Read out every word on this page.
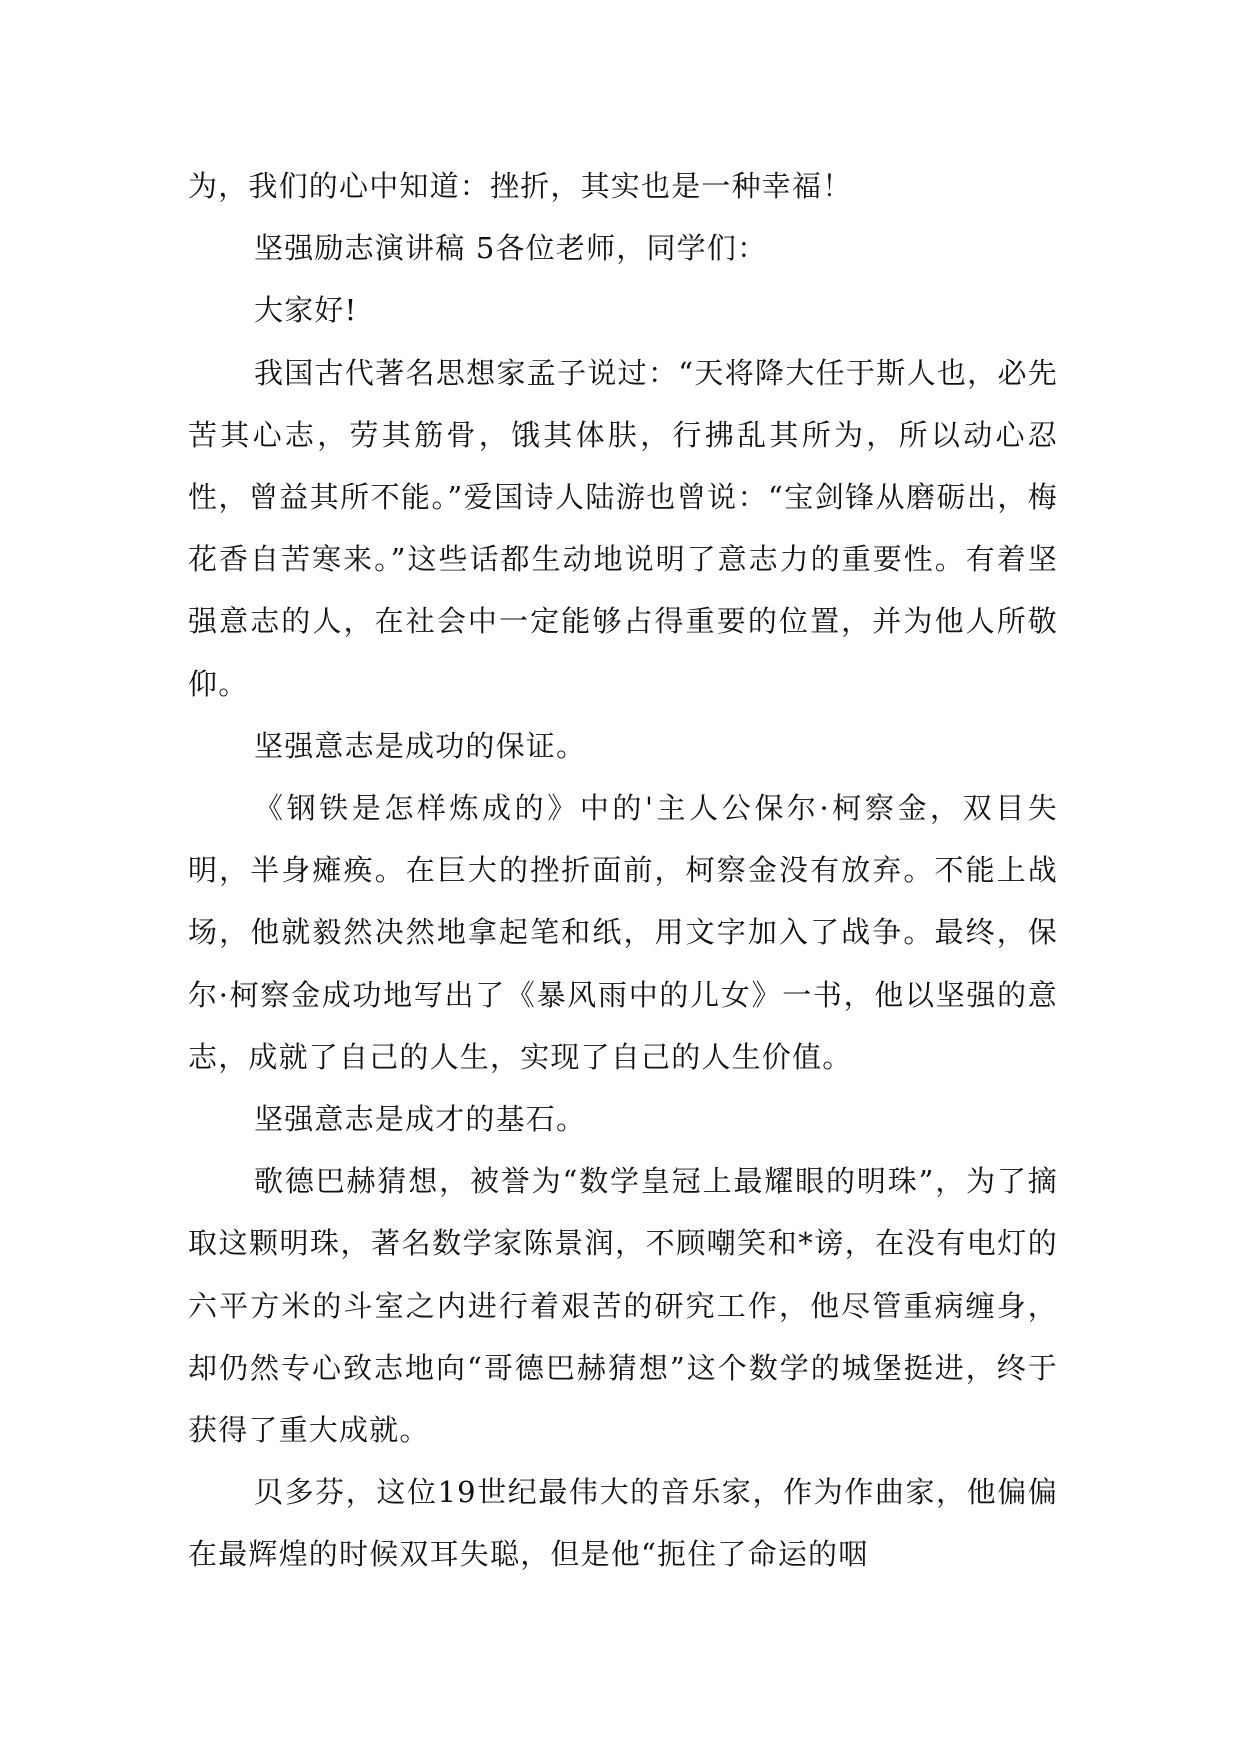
为，我们的心中知道：挫折，其实也是一种幸福！

坚强励志演讲稿 5各位老师，同学们：

大家好!

我国古代著名思想家孟子说过：“天将降大任于斯人也，必先苦其心志，劳其筋骨，饿其体肤，行拂乱其所为，所以动心忍性，曾益其所不能。”爱国诗人陆游也曾说：“宝剑锋从磨砺出，梅花香自苦寒来。”这些话都生动地说明了意志力的重要性。有着坚强意志的人，在社会中一定能够占得重要的位置，并为他人所敬仰。

坚强意志是成功的保证。

《钢铁是怎样炼成的》中的'主人公保尔·柯察金，双目失明，半身瘫痪。在巨大的挫折面前，柯察金没有放弃。不能上战场，他就毅然决然地拿起笔和纸，用文字加入了战争。最终，保尔·柯察金成功地写出了《暴风雨中的儿女》一书，他以坚强的意志，成就了自己的人生，实现了自己的人生价值。

坚强意志是成才的基石。

歌德巴赫猜想，被誉为“数学皇冠上最耀眼的明珠”，为了摘取这颗明珠，著名数学家陈景润，不顾嘲笑和*谤，在没有电灯的六平方米的斗室之内进行着艰苦的研究工作，他尽管重病缠身，却仍然专心致志地向“哥德巴赫猜想”这个数学的城堡挺进，终于获得了重大成就。

贝多芬，这位19世纪最伟大的音乐家，作为作曲家，他偏偏在最辉煌的时候双耳失聪，但是他“扼住了命运的咽
